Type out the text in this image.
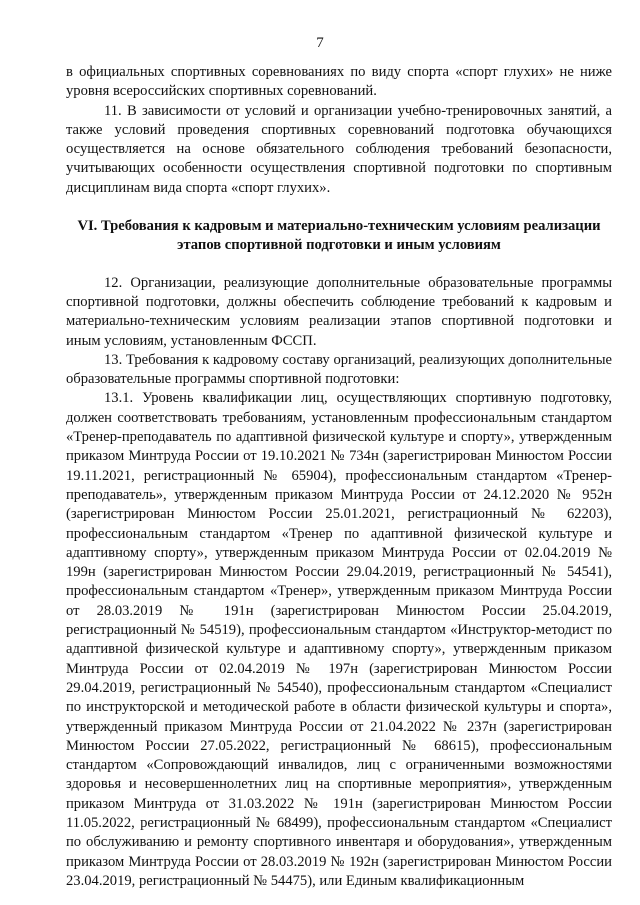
7

в официальных спортивных соревнованиях по виду спорта «спорт глухих» не ниже уровня всероссийских спортивных соревнований.

11. В зависимости от условий и организации учебно-тренировочных занятий, а также условий проведения спортивных соревнований подготовка обучающихся осуществляется на основе обязательного соблюдения требований безопасности, учитывающих особенности осуществления спортивной подготовки по спортивным дисциплинам вида спорта «спорт глухих».

VI. Требования к кадровым и материально-техническим условиям реализации этапов спортивной подготовки и иным условиям

12. Организации, реализующие дополнительные образовательные программы спортивной подготовки, должны обеспечить соблюдение требований к кадровым и материально-техническим условиям реализации этапов спортивной подготовки и иным условиям, установленным ФССП.

13. Требования к кадровому составу организаций, реализующих дополнительные образовательные программы спортивной подготовки:

13.1. Уровень квалификации лиц, осуществляющих спортивную подготовку, должен соответствовать требованиям, установленным профессиональным стандартом «Тренер-преподаватель по адаптивной физической культуре и спорту», утвержденным приказом Минтруда России от 19.10.2021 № 734н (зарегистрирован Минюстом России 19.11.2021, регистрационный № 65904), профессиональным стандартом «Тренер-преподаватель», утвержденным приказом Минтруда России от 24.12.2020 № 952н (зарегистрирован Минюстом России 25.01.2021, регистрационный № 62203), профессиональным стандартом «Тренер по адаптивной физической культуре и адаптивному спорту», утвержденным приказом Минтруда России от 02.04.2019 № 199н (зарегистрирован Минюстом России 29.04.2019, регистрационный № 54541), профессиональным стандартом «Тренер», утвержденным приказом Минтруда России от 28.03.2019 № 191н (зарегистрирован Минюстом России 25.04.2019, регистрационный № 54519), профессиональным стандартом «Инструктор-методист по адаптивной физической культуре и адаптивному спорту», утвержденным приказом Минтруда России от 02.04.2019 № 197н (зарегистрирован Минюстом России 29.04.2019, регистрационный № 54540), профессиональным стандартом «Специалист по инструкторской и методической работе в области физической культуры и спорта», утвержденный приказом Минтруда России от 21.04.2022 № 237н (зарегистрирован Минюстом России 27.05.2022, регистрационный № 68615), профессиональным стандартом «Сопровождающий инвалидов, лиц с ограниченными возможностями здоровья и несовершеннолетних лиц на спортивные мероприятия», утвержденным приказом Минтруда от 31.03.2022 № 191н (зарегистрирован Минюстом России 11.05.2022, регистрационный № 68499), профессиональным стандартом «Специалист по обслуживанию и ремонту спортивного инвентаря и оборудования», утвержденным приказом Минтруда России от 28.03.2019 № 192н (зарегистрирован Минюстом России 23.04.2019, регистрационный № 54475), или Единым квалификационным
